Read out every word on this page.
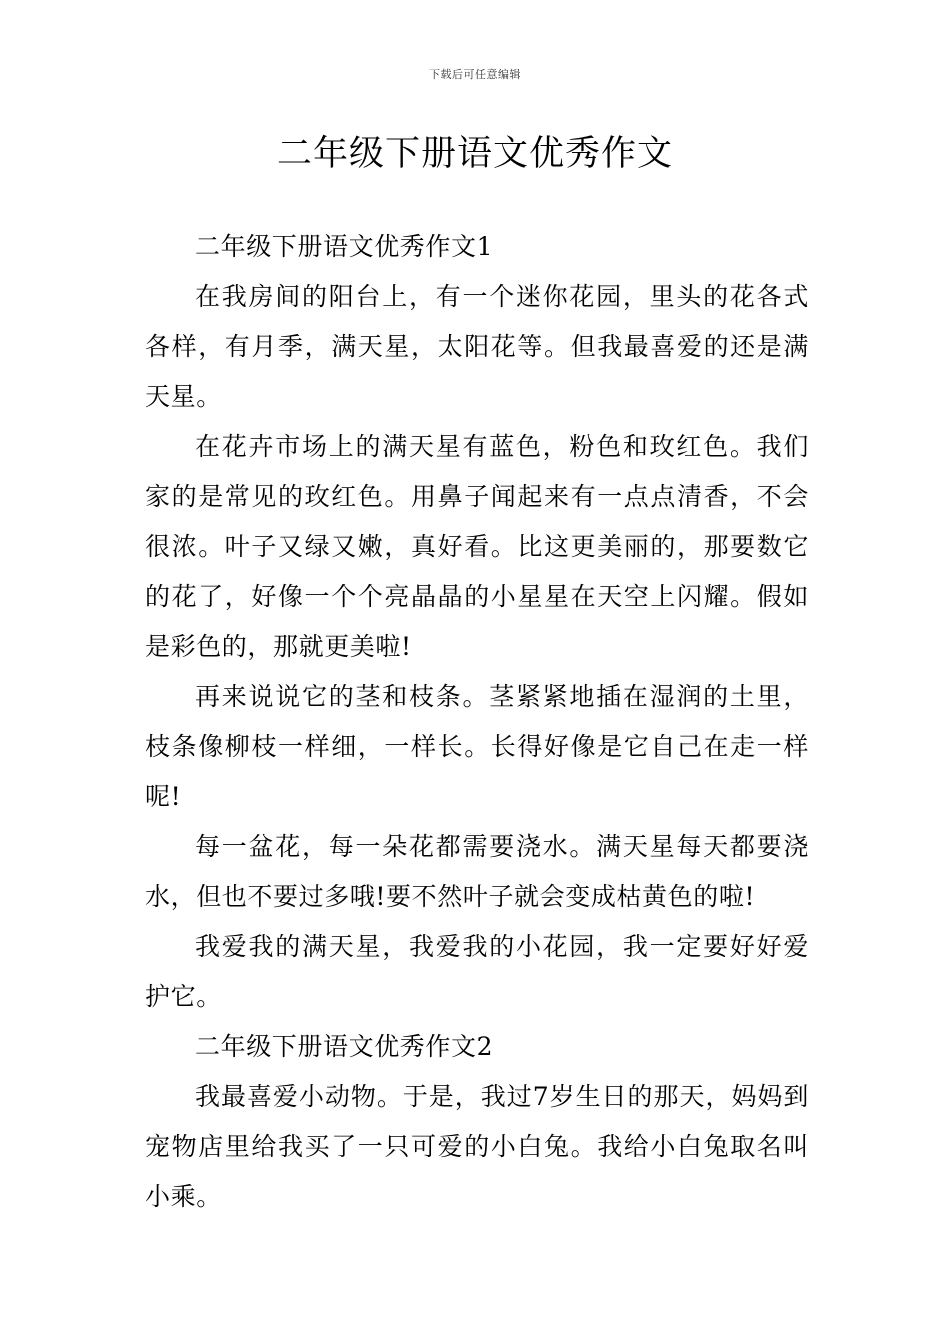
下载后可任意编辑
二年级下册语文优秀作文

二年级下册语文优秀作文1

在我房间的阳台上，有一个迷你花园，里头的花各式各样，有月季，满天星，太阳花等。但我最喜爱的还是满天星。

在花卉市场上的满天星有蓝色，粉色和玫红色。我们家的是常见的玫红色。用鼻子闻起来有一点点清香，不会很浓。叶子又绿又嫩，真好看。比这更美丽的，那要数它的花了，好像一个个亮晶晶的小星星在天空上闪耀。假如是彩色的，那就更美啦!

再来说说它的茎和枝条。茎紧紧地插在湿润的土里，枝条像柳枝一样细，一样长。长得好像是它自己在走一样呢!

每一盆花，每一朵花都需要浇水。满天星每天都要浇水，但也不要过多哦!要不然叶子就会变成枯黄色的啦!

我爱我的满天星，我爱我的小花园，我一定要好好爱护它。

二年级下册语文优秀作文2

我最喜爱小动物。于是，我过7岁生日的那天，妈妈到宠物店里给我买了一只可爱的小白兔。我给小白兔取名叫小乘。
